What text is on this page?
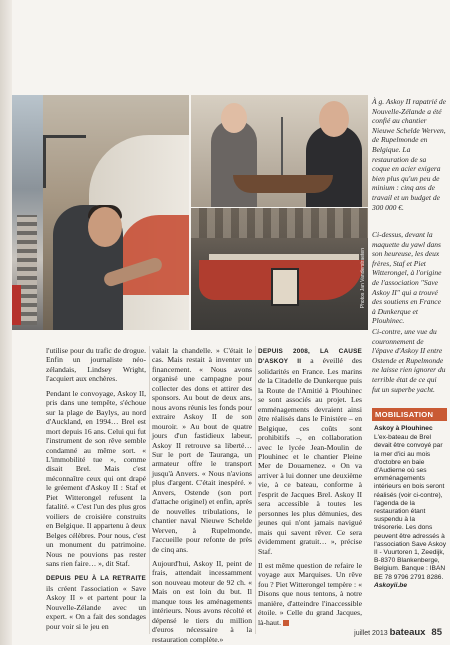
Photos Jan Vanderstraeten
À g. Askoy II rapatrié de Nouvelle-Zélande a été confié au chantier Nieuwe Schelde Werven, de Rupelmonde en Belgique. La restauration de sa coque en acier exigera bien plus qu'un peu de minium : cinq ans de travail et un budget de 300 000 €.
Ci-dessus, devant la maquette du yawl dans son heureuse, les deux frères, Staf et Piet Witterongel, à l'origine de l'association "Save Askoy II" qui a trouvé des soutiens en France à Dunkerque et Plouhinec.
Ci-contre, une vue du couronnement de l'épave d'Askoy II entre Ostende et Rupelmonde ne laisse rien ignorer du terrible état de ce qui fut un superbe yacht.
MOBILISATION
Askoy à Plouhinec
L'ex-bateau de Brel devait être convoyé par la mer d'ici au mois d'octobre en baie d'Audierne où ses emménagements intérieurs en bois seront réalisés (voir ci-contre), l'agenda de la restauration étant suspendu à la trésorerie. Les dons peuvent être adressés à l'association Save Askoy II - Vuurtoren 1, Zeedijk, B-8370 Blankenberge, Belgium. Banque : IBAN BE 78 9796 2791 8286.
Askoyii.be

l'utilise pour du trafic de drogue. Enfin un journaliste néo-zélandais, Lindsey Wright, l'acquiert aux enchères.

Pendant le convoyage, Askoy II, pris dans une tempête, s'échoue sur la plage de Baylys, au nord d'Auckland, en 1994… Brel est mort depuis 16 ans. Celui qui fut l'instrument de son rêve semble condamné au même sort. « L'immobilité tue », comme disait Brel. Mais c'est méconnaître ceux qui ont drapé le gréement d'Askoy II : Staf et Piet Witterongel refusent la fatalité. « C'est l'un des plus gros voiliers de croisière construits en Belgique. Il appartenu à deux Belges célèbres. Pour nous, c'est un monument du patrimoine. Nous ne pouvions pas rester sans rien faire… », dit Staf.

DEPUIS PEU À LA RETRAITE ils créent l'association « Save Askoy II » et partent pour la Nouvelle-Zélande avec un expert. « On a fait des sondages pour voir si le jeu en

valait la chandelle. » C'était le cas. Mais restait à inventer un financement. « Nous avons organisé une campagne pour collecter des dons et attirer des sponsors. Au bout de deux ans, nous avons réunis les fonds pour extraire Askoy II de son mouroir. » Au bout de quatre jours d'un fastidieux labeur, Askoy II retrouve sa liberté… Sur le port de Tauranga, un armateur offre le transport jusqu'à Anvers. « Nous n'avions plus d'argent. C'était inespéré. » Anvers, Ostende (son port d'attache originel) et enfin, après de nouvelles tribulations, le chantier naval Nieuwe Schelde Werven, à Rupelmonde, l'accueille pour refonte de près de cinq ans.

Aujourd'hui, Askoy II, peint de frais, attendait incessamment son nouveau moteur de 92 ch. « Mais on est loin du but. Il manque tous les aménagements intérieurs. Nous avons récolté et dépensé le tiers du million d'euros nécessaire à la restauration complète.»

DEPUIS 2008, LA CAUSE D'ASKOY II a éveillé des solidarités en France. Les marins de la Citadelle de Dunkerque puis la Route de l'Amitié à Plouhinec se sont associés au projet. Les emménagements devraient ainsi être réalisés dans le Finistère – en Belgique, ces coûts sont prohibitifs –, en collaboration avec le lycée Jean-Moulin de Plouhinec et le chantier Pleine Mer de Douarnenez. « On va arriver à lui donner une deuxième vie, à ce bateau, conforme à l'esprit de Jacques Brel. Askoy II sera accessible à toutes les personnes les plus démunies, des jeunes qui n'ont jamais navigué mais qui savent rêver. Ce sera évidemment gratuit… », précise Staf.

Il est même question de refaire le voyage aux Marquises. Un rêve fou ? Piet Witterongel tempère : « Disons que nous tentons, à notre manière, d'atteindre l'inaccessible étoile. » Celle du grand Jacques, là-haut.

juillet 2013 bateaux 85
